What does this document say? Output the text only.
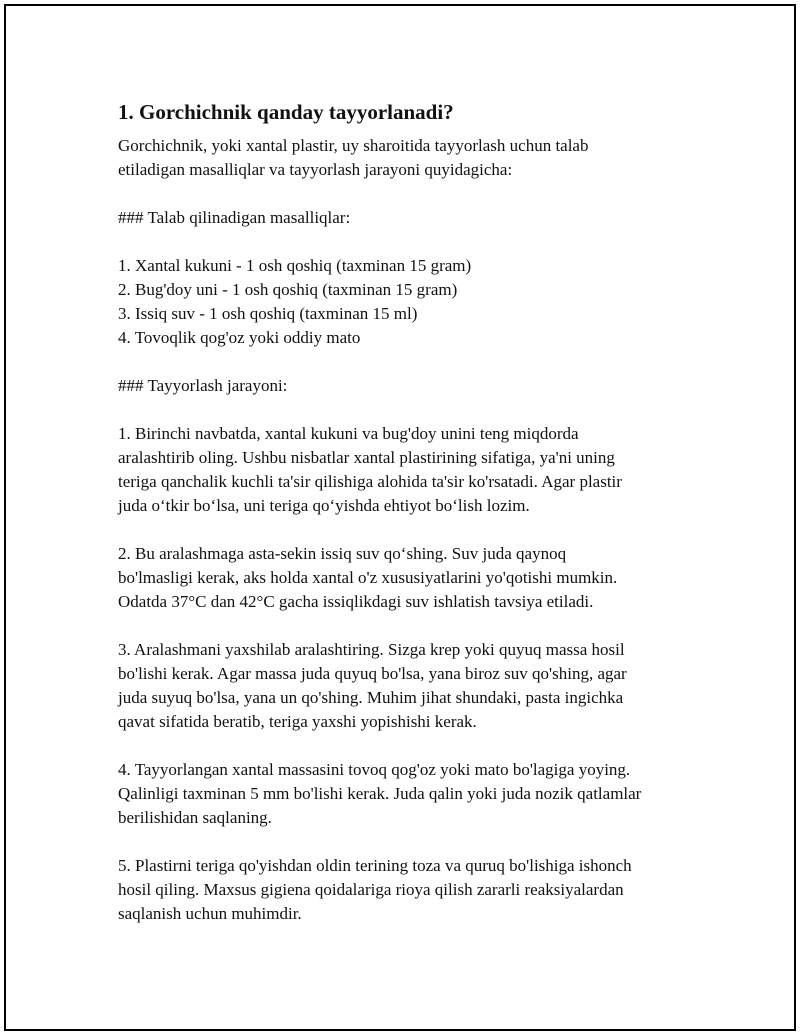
1. Gorchichnik qanday tayyorlanadi?
Gorchichnik, yoki xantal plastir, uy sharoitida tayyorlash uchun talab
etiladigan masalliqlar va tayyorlash jarayoni quyidagicha:
### Talab qilinadigan masalliqlar:
1. Xantal kukuni - 1 osh qoshiq (taxminan 15 gram)
2. Bug'doy uni - 1 osh qoshiq (taxminan 15 gram)
3. Issiq suv - 1 osh qoshiq (taxminan 15 ml)
4. Tovoqlik qog'oz yoki oddiy mato
### Tayyorlash jarayoni:
1. Birinchi navbatda, xantal kukuni va bug'doy unini teng miqdorda
aralashtirib oling. Ushbu nisbatlar xantal plastirining sifatiga, ya'ni uning
teriga qanchalik kuchli ta'sir qilishiga alohida ta'sir ko'rsatadi. Agar plastir
juda o‘tkir bo‘lsa, uni teriga qo‘yishda ehtiyot bo‘lish lozim.
2. Bu aralashmaga asta-sekin issiq suv qo‘shing. Suv juda qaynoq
bo'lmasligi kerak, aks holda xantal o'z xususiyatlarini yo'qotishi mumkin.
Odatda 37°C dan 42°C gacha issiqlikdagi suv ishlatish tavsiya etiladi.
3. Aralashmani yaxshilab aralashtiring. Sizga krep yoki quyuq massa hosil
bo'lishi kerak. Agar massa juda quyuq bo'lsa, yana biroz suv qo'shing, agar
juda suyuq bo'lsa, yana un qo'shing. Muhim jihat shundaki, pasta ingichka
qavat sifatida beratib, teriga yaxshi yopishishi kerak.
4. Tayyorlangan xantal massasini tovoq qog'oz yoki mato bo'lagiga yoying.
Qalinligi taxminan 5 mm bo'lishi kerak. Juda qalin yoki juda nozik qatlamlar
berilishidan saqlaning.
5. Plastirni teriga qo'yishdan oldin terining toza va quruq bo'lishiga ishonch
hosil qiling. Maxsus gigiena qoidalariga rioya qilish zararli reaksiyalardan
saqlanish uchun muhimdir.
